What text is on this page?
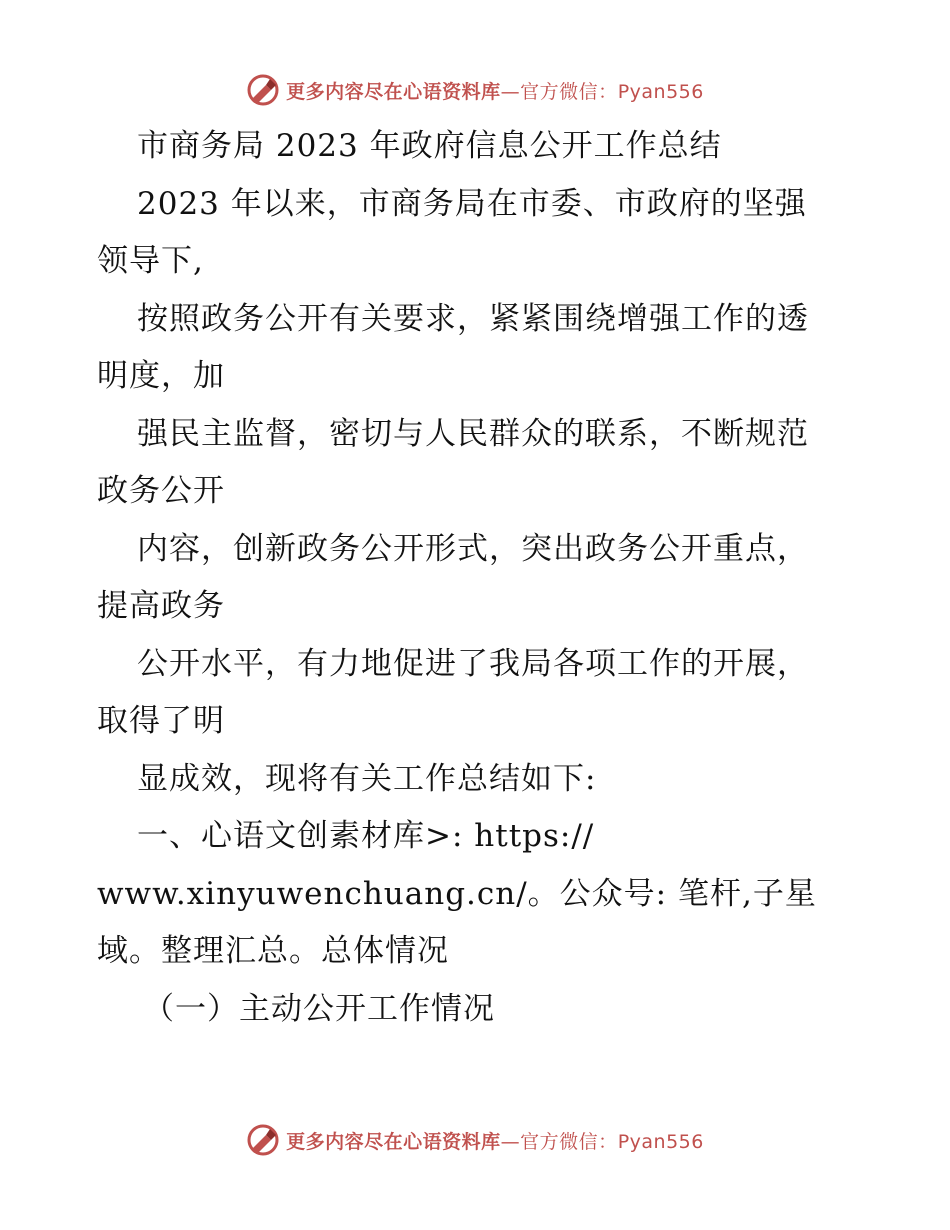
更多内容尽在心语资料库—官方微信：Pyan556
市商务局 2023 年政府信息公开工作总结
2023 年以来，市商务局在市委、市政府的坚强
领导下,
按照政务公开有关要求，紧紧围绕增强工作的透
明度，加
强民主监督，密切与人民群众的联系，不断规范
政务公开
内容，创新政务公开形式，突出政务公开重点，
提高政务
公开水平，有力地促进了我局各项工作的开展，
取得了明
显成效，现将有关工作总结如下:
一、心语文创素材库>: https://
www.xinyuwenchuang.cn/。公众号: 笔杆,子星
域。整理汇总。总体情况
（一）主动公开工作情况
更多内容尽在心语资料库—官方微信：Pyan556
